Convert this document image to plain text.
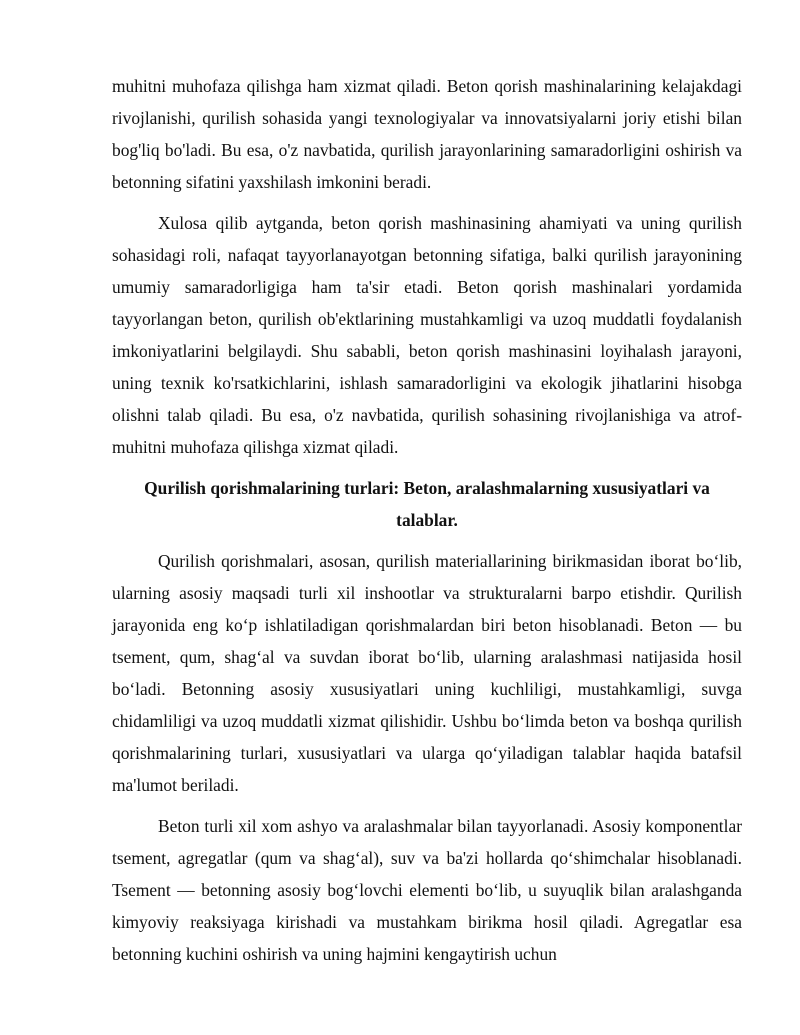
muhitni muhofaza qilishga ham xizmat qiladi. Beton qorish mashinalarining kelajakdagi rivojlanishi, qurilish sohasida yangi texnologiyalar va innovatsiyalarni joriy etishi bilan bog'liq bo'ladi. Bu esa, o'z navbatida, qurilish jarayonlarining samaradorligini oshirish va betonning sifatini yaxshilash imkonini beradi.

Xulosa qilib aytganda, beton qorish mashinasining ahamiyati va uning qurilish sohasidagi roli, nafaqat tayyorlanayotgan betonning sifatiga, balki qurilish jarayonining umumiy samaradorligiga ham ta'sir etadi. Beton qorish mashinalari yordamida tayyorlangan beton, qurilish ob'ektlarining mustahkamligi va uzoq muddatli foydalanish imkoniyatlarini belgilaydi. Shu sababli, beton qorish mashinasini loyihalash jarayoni, uning texnik ko'rsatkichlarini, ishlash samaradorligini va ekologik jihatlarini hisobga olishni talab qiladi. Bu esa, o'z navbatida, qurilish sohasining rivojlanishiga va atrof-muhitni muhofaza qilishga xizmat qiladi.

Qurilish qorishmalarining turlari: Beton, aralashmalarning xususiyatlari va talablar.

Qurilish qorishmalari, asosan, qurilish materiallarining birikmasidan iborat bo‘lib, ularning asosiy maqsadi turli xil inshootlar va strukturalarni barpo etishdir. Qurilish jarayonida eng ko‘p ishlatiladigan qorishmalardan biri beton hisoblanadi. Beton — bu tsement, qum, shag‘al va suvdan iborat bo‘lib, ularning aralashmasi natijasida hosil bo‘ladi. Betonning asosiy xususiyatlari uning kuchliligi, mustahkamligi, suvga chidamliligi va uzoq muddatli xizmat qilishidir. Ushbu bo‘limda beton va boshqa qurilish qorishmalarining turlari, xususiyatlari va ularga qo‘yiladigan talablar haqida batafsil ma'lumot beriladi.

Beton turli xil xom ashyo va aralashmalar bilan tayyorlanadi. Asosiy komponentlar tsement, agregatlar (qum va shag‘al), suv va ba'zi hollarda qo‘shimchalar hisoblanadi. Tsement — betonning asosiy bog‘lovchi elementi bo‘lib, u suyuqlik bilan aralashganda kimyoviy reaksiyaga kirishadi va mustahkam birikma hosil qiladi. Agregatlar esa betonning kuchini oshirish va uning hajmini kengaytirish uchun
